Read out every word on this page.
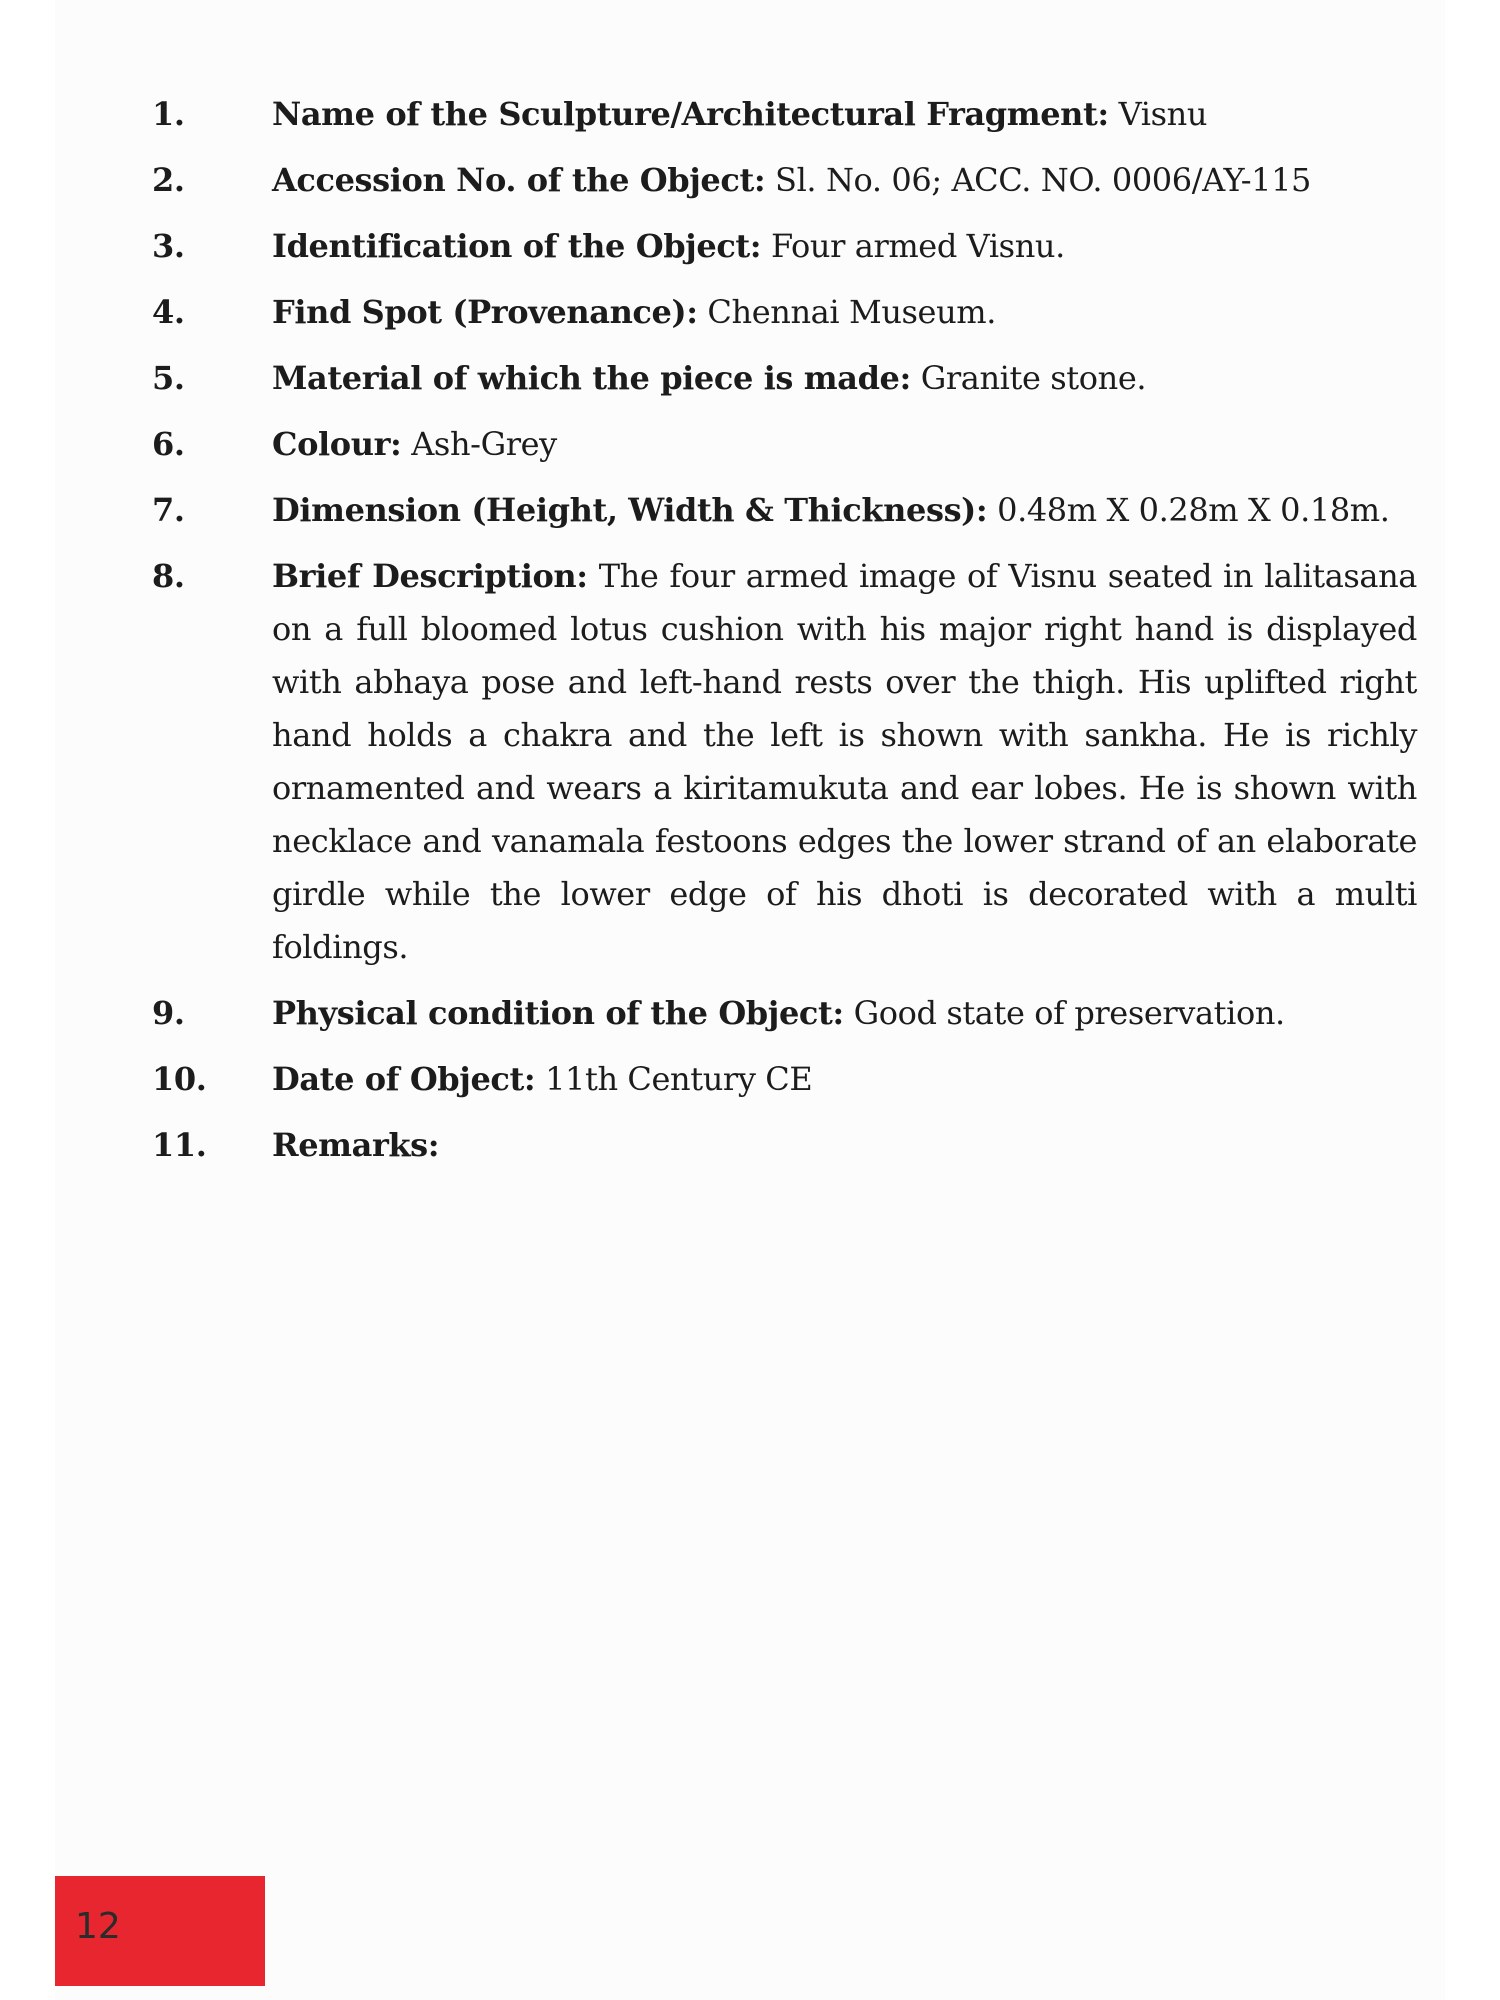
1.	Name of the Sculpture/Architectural Fragment: Visnu
2.	Accession No. of the Object: Sl. No. 06; ACC. NO. 0006/AY-115
3.	Identification of the Object: Four armed Visnu.
4.	Find Spot (Provenance): Chennai Museum.
5.	Material of which the piece is made: Granite stone.
6.	Colour: Ash-Grey
7.	Dimension (Height, Width & Thickness): 0.48m X 0.28m X 0.18m.
8.	Brief Description: The four armed image of Visnu seated in lalitasana on a full bloomed lotus cushion with his major right hand is displayed with abhaya pose and left-hand rests over the thigh. His uplifted right hand holds a chakra and the left is shown with sankha. He is richly ornamented and wears a kiritamukuta and ear lobes. He is shown with necklace and vanamala festoons edges the lower strand of an elaborate girdle while the lower edge of his dhoti is decorated with a multi foldings.
9.	Physical condition of the Object: Good state of preservation.
10.	Date of Object: 11th Century CE
11.	Remarks:
12
